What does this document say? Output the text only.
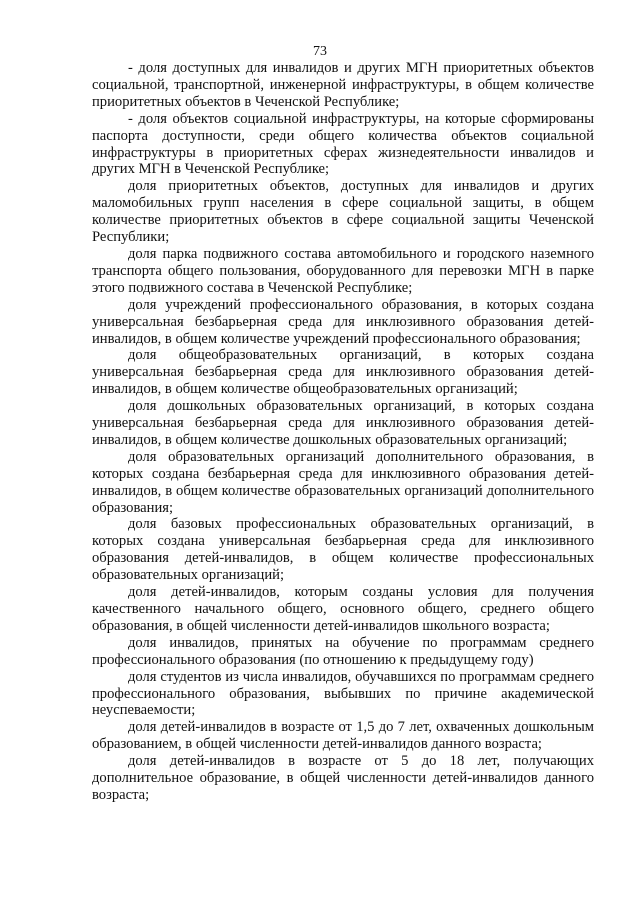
73

- доля доступных для инвалидов и других МГН приоритетных объектов социальной, транспортной, инженерной инфраструктуры, в общем количестве приоритетных объектов в Чеченской Республике;

- доля объектов социальной инфраструктуры, на которые сформированы паспорта доступности, среди общего количества объектов социальной инфраструктуры в приоритетных сферах жизнедеятельности инвалидов и других МГН в Чеченской Республике;

доля приоритетных объектов, доступных для инвалидов и других маломобильных групп населения в сфере социальной защиты, в общем количестве приоритетных объектов в сфере социальной защиты Чеченской Республики;

доля парка подвижного состава автомобильного и городского наземного транспорта общего пользования, оборудованного для перевозки МГН в парке этого подвижного состава в Чеченской Республике;

доля учреждений профессионального образования, в которых создана универсальная безбарьерная среда для инклюзивного образования детей-инвалидов, в общем количестве учреждений профессионального образования;

доля общеобразовательных организаций, в которых создана универсальная безбарьерная среда для инклюзивного образования детей-инвалидов, в общем количестве общеобразовательных организаций;

доля дошкольных образовательных организаций, в которых создана универсальная безбарьерная среда для инклюзивного образования детей-инвалидов, в общем количестве дошкольных образовательных организаций;

доля образовательных организаций дополнительного образования, в которых создана безбарьерная среда для инклюзивного образования детей-инвалидов, в общем количестве образовательных организаций дополнительного образования;

доля базовых профессиональных образовательных организаций, в которых создана универсальная безбарьерная среда для инклюзивного образования детей-инвалидов, в общем количестве профессиональных образовательных организаций;

доля детей-инвалидов, которым созданы условия для получения качественного начального общего, основного общего, среднего общего образования, в общей численности детей-инвалидов школьного возраста;

доля инвалидов, принятых на обучение по программам среднего профессионального образования (по отношению к предыдущему году)

доля студентов из числа инвалидов, обучавшихся по программам среднего профессионального образования, выбывших по причине академической неуспеваемости;

доля детей-инвалидов в возрасте от 1,5 до 7 лет, охваченных дошкольным образованием, в общей численности детей-инвалидов данного возраста;

доля детей-инвалидов в возрасте от 5 до 18 лет, получающих дополнительное образование, в общей численности детей-инвалидов данного возраста;
